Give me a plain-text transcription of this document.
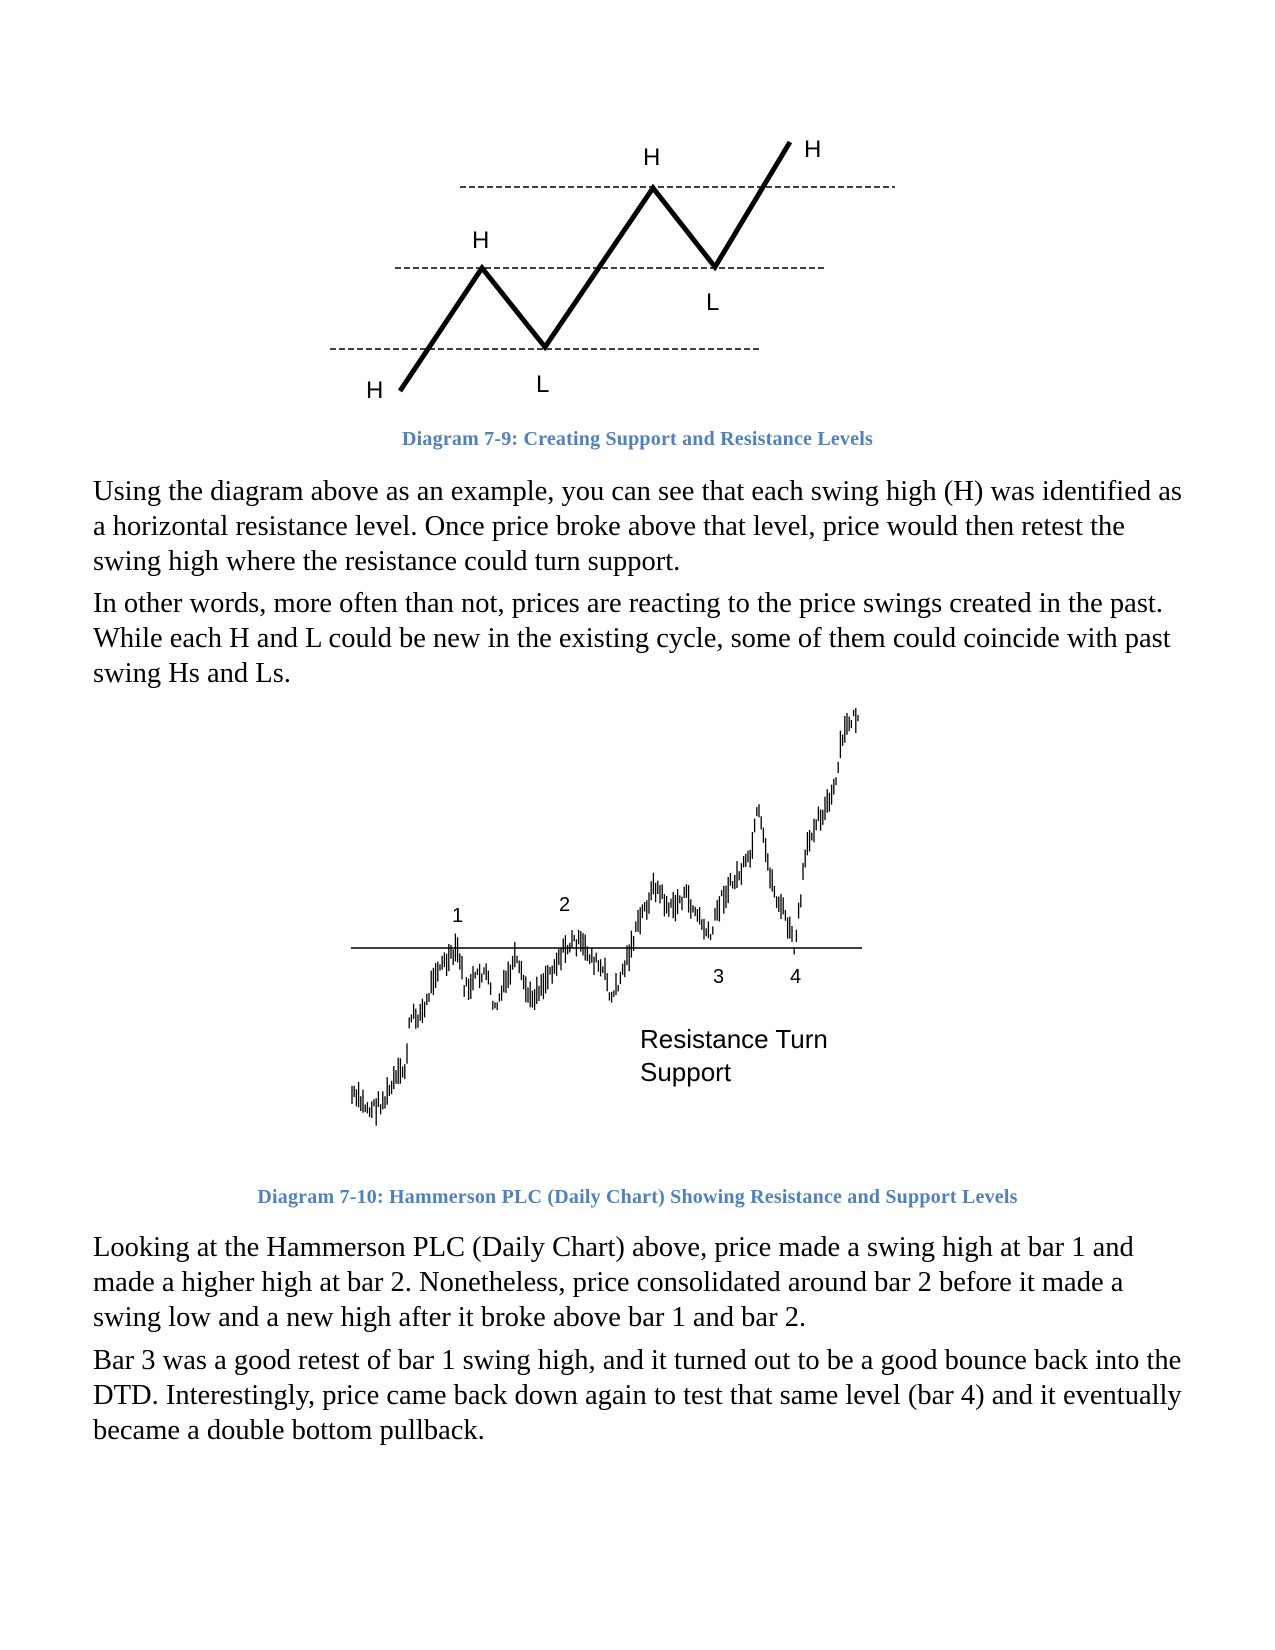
H	L
H
L
H	H
Diagram 7-9: Creating Support and Resistance Levels

Using the diagram above as an example, you can see that each swing high (H) was identified as a horizontal resistance level. Once price broke above that level, price would then retest the swing high where the resistance could turn support.

In other words, more often than not, prices are reacting to the price swings created in the past. While each H and L could be new in the existing cycle, some of them could coincide with past swing Hs and Ls.

1	2
3	4
Resistance Turn
Support
Diagram 7-10: Hammerson PLC (Daily Chart) Showing Resistance and Support Levels

Looking at the Hammerson PLC (Daily Chart) above, price made a swing high at bar 1 and made a higher high at bar 2. Nonetheless, price consolidated around bar 2 before it made a swing low and a new high after it broke above bar 1 and bar 2.

Bar 3 was a good retest of bar 1 swing high, and it turned out to be a good bounce back into the DTD. Interestingly, price came back down again to test that same level (bar 4) and it eventually became a double bottom pullback.
